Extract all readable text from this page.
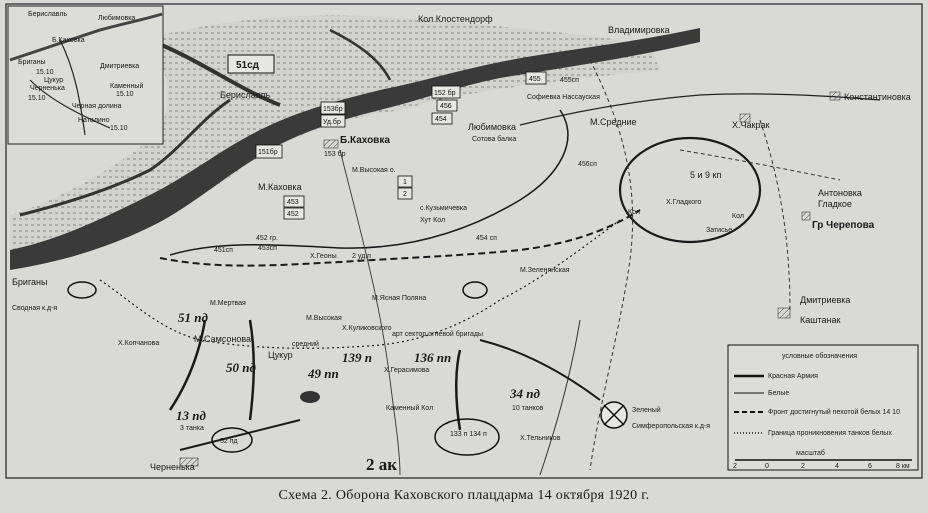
51сд
153бр
Уд.бр
152 бр
456
454
455
151бр
453
452
1
2
условные обозначения
Красная Армия
Белые
Фронт достигнутый пехотой белых 14 10
Граница проникновения танков белых
масштаб
2	0	2	4	6	8 км
Бериславль
Любимовка
Б.Каховка
Бриганы
Дмитриевка
Черненька
Черная долина
Каменный
Наталино
15.10
15.10
15.10
15.10
Цукур
Кол Клостендорф
Владимировка
Бериславль
Б.Каховка
М.Каховка
Любимовка
Софиевка Нассауская
М.Средние
Сотова балка
М.Высокая о.
с.Кузьмичевка
Хут Кол
Х.Геоны
М.Зеленянская
Х.Чакрак
Константиновка
Антоновка
Гладкое
Х.Гладкого
Затисье
Кол
Кол
Гр Черепова
Дмитриевка
Каштанак
Бриганы
Сводная к.д-я
Х.Копчанова	М.Самсонова
М.Мертвая
М.Высокая
М.Ясная Поляна
Х.Куликовского
средний
Х.Герасимова
Цукур
Каменный Кол
Х.Тельников
Зеленый
Симферопольская к.д-я
Черненька
арт сектор огневой бригады
455сп
153 бр
456сп
451сп	453сп
452 гр.	454 сп
2 уд.п
5 и 9 кп
51 пд
50 пд	49 пп
139 п	136 пп
34 пд
10 танков
13 пд
3 танка
52 пд
133 п 134 п
2 ак
Схема 2. Оборона Каховского плацдарма 14 октября 1920 г.
